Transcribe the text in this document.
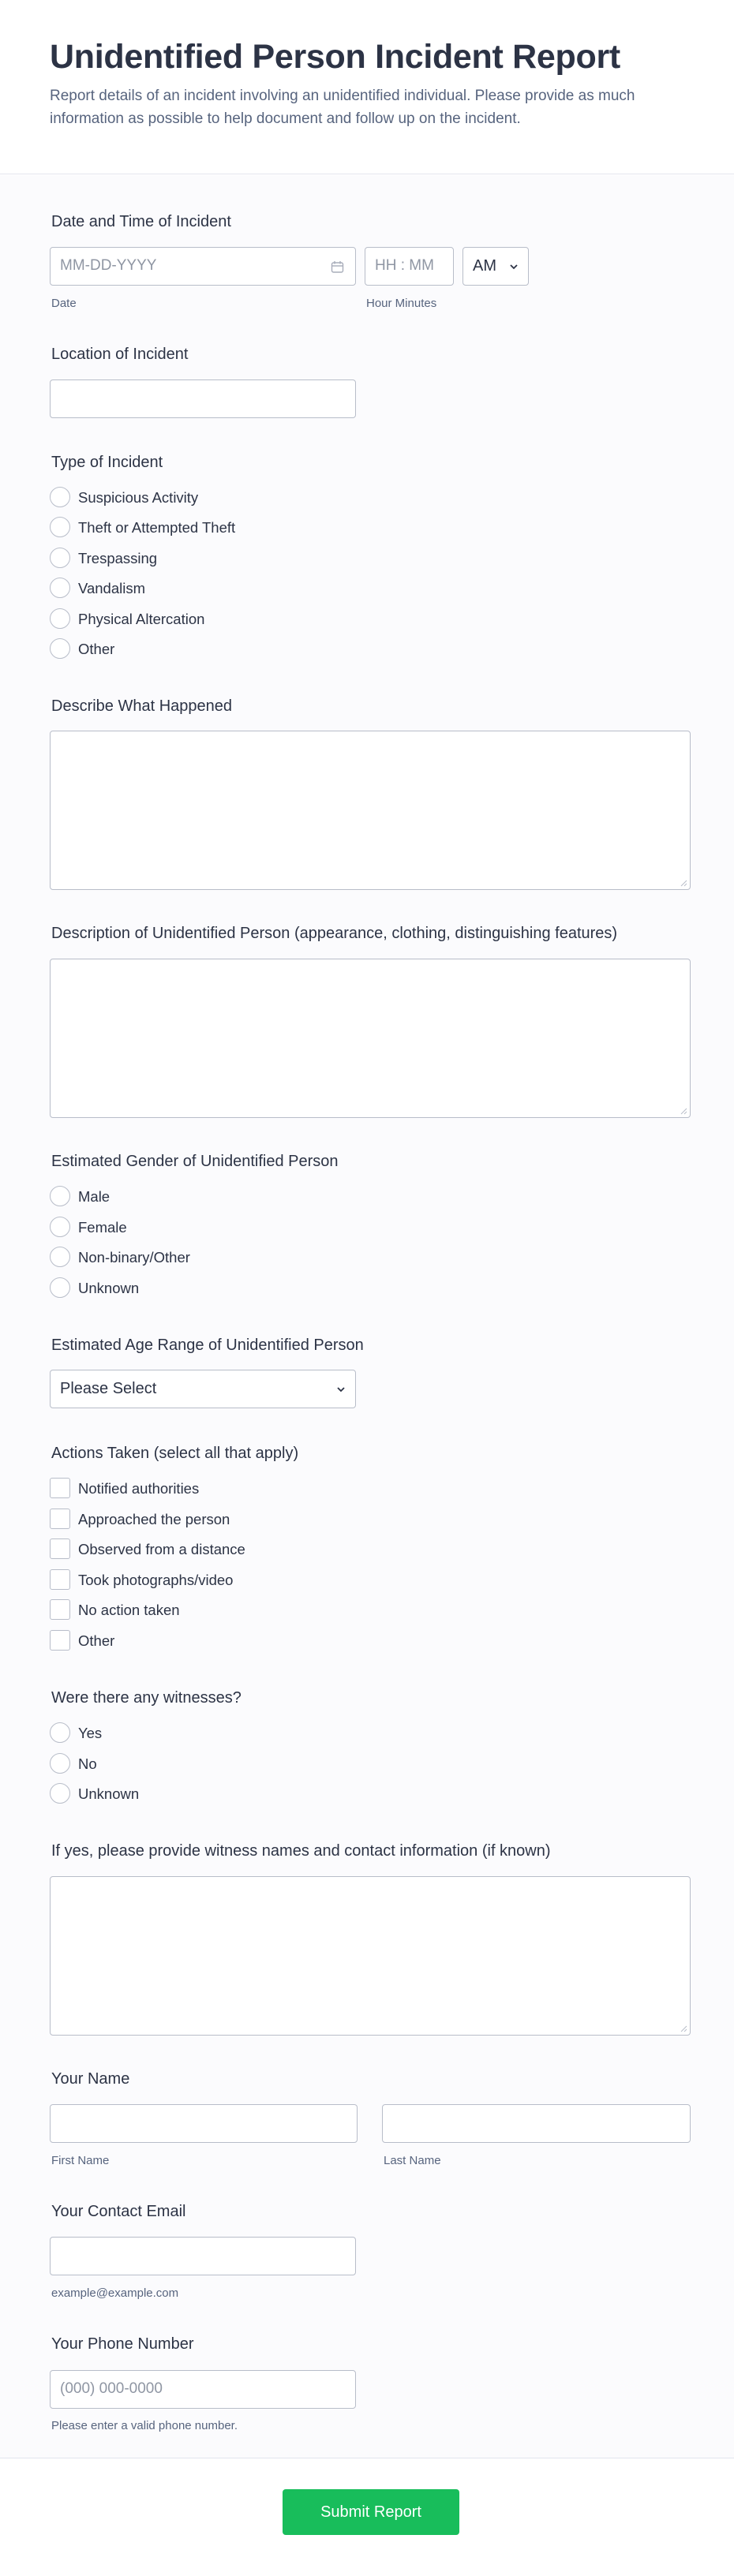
Unidentified Person Incident Report

Report details of an incident involving an unidentified individual. Please provide as much information as possible to help document and follow up on the incident.

Date and Time of Incident
MM-DD-YYYY
Date
HH : MM
Hour Minutes
AM
Location of Incident
Type of Incident
Suspicious Activity
Theft or Attempted Theft
Trespassing
Vandalism
Physical Altercation
Other
Describe What Happened
Description of Unidentified Person (appearance, clothing, distinguishing features)
Estimated Gender of Unidentified Person
Male
Female
Non-binary/Other
Unknown
Estimated Age Range of Unidentified Person
Please Select
Actions Taken (select all that apply)
Notified authorities
Approached the person
Observed from a distance
Took photographs/video
No action taken
Other
Were there any witnesses?
Yes
No
Unknown
If yes, please provide witness names and contact information (if known)
Your Name
First Name	Last Name
Your Contact Email
example@example.com
Your Phone Number
(000) 000-0000
Please enter a valid phone number.
Submit Report
